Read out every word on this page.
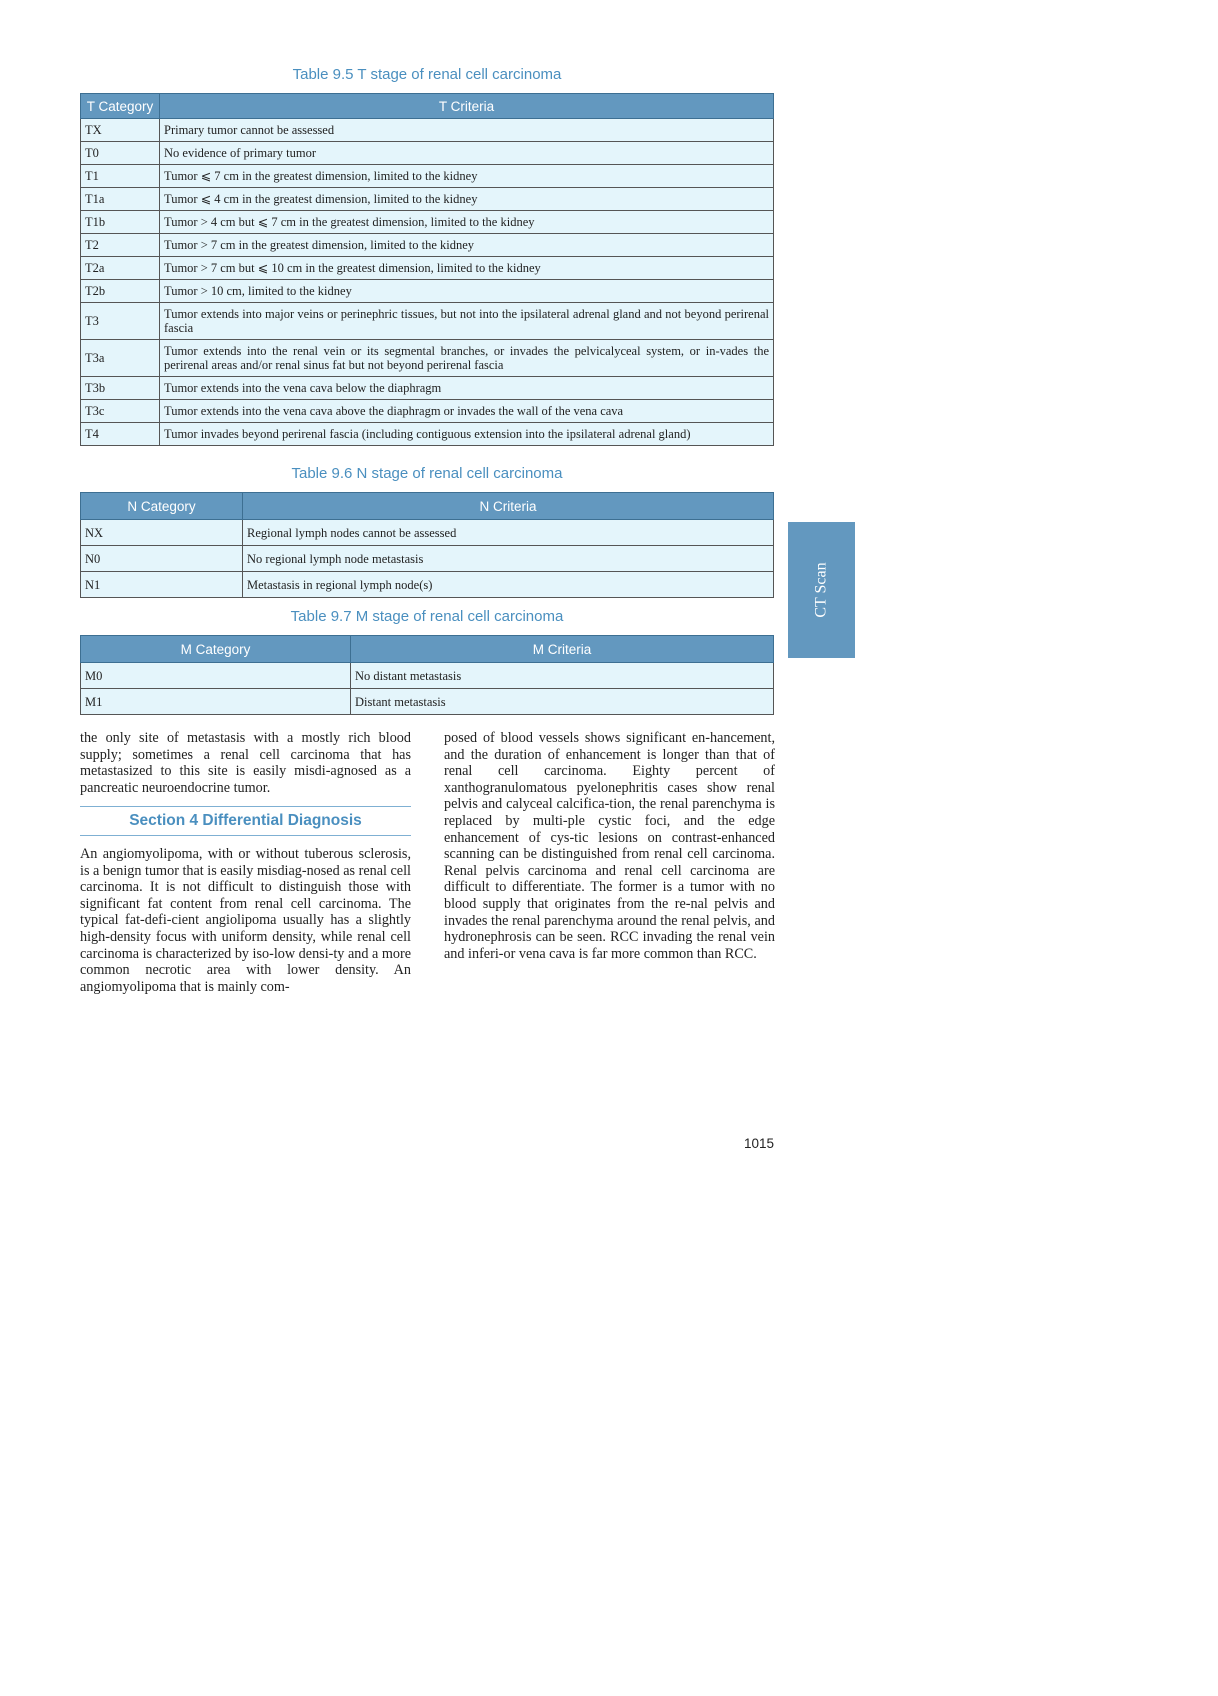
Table 9.5 T stage of renal cell carcinoma
T Category	T Criteria
TX	Primary tumor cannot be assessed
T0	No evidence of primary tumor
T1	Tumor ⩽ 7 cm in the greatest dimension, limited to the kidney
T1a	Tumor ⩽ 4 cm in the greatest dimension, limited to the kidney
T1b	Tumor > 4 cm but ⩽ 7 cm in the greatest dimension, limited to the kidney
T2	Tumor > 7 cm in the greatest dimension, limited to the kidney
T2a	Tumor > 7 cm but ⩽ 10 cm in the greatest dimension, limited to the kidney
T2b	Tumor > 10 cm, limited to the kidney
T3	Tumor extends into major veins or perinephric tissues, but not into the ipsilateral adrenal gland and not beyond perirenal fascia
T3a	Tumor extends into the renal vein or its segmental branches, or invades the pelvicalyceal system, or in-vades the perirenal areas and/or renal sinus fat but not beyond perirenal fascia
T3b	Tumor extends into the vena cava below the diaphragm
T3c	Tumor extends into the vena cava above the diaphragm or invades the wall of the vena cava
T4	Tumor invades beyond perirenal fascia (including contiguous extension into the ipsilateral adrenal gland)
Table 9.6 N stage of renal cell carcinoma
N Category	N Criteria
NX	Regional lymph nodes cannot be assessed
N0	No regional lymph node metastasis
N1	Metastasis in regional lymph node(s)
Table 9.7 M stage of renal cell carcinoma
M Category	M Criteria
M0	No distant metastasis
M1	Distant metastasis
CT Scan

the only site of metastasis with a mostly rich blood supply; sometimes a renal cell carcinoma that has metastasized to this site is easily misdi-agnosed as a pancreatic neuroendocrine tumor.

Section 4 Differential Diagnosis

An angiomyolipoma, with or without tuberous sclerosis, is a benign tumor that is easily misdiag-nosed as renal cell carcinoma. It is not difficult to distinguish those with significant fat content from renal cell carcinoma. The typical fat-defi-cient angiolipoma usually has a slightly high-density focus with uniform density, while renal cell carcinoma is characterized by iso-low densi-ty and a more common necrotic area with lower density. An angiomyolipoma that is mainly com-

posed of blood vessels shows significant en-hancement, and the duration of enhancement is longer than that of renal cell carcinoma. Eighty percent of xanthogranulomatous pyelonephritis cases show renal pelvis and calyceal calcifica-tion, the renal parenchyma is replaced by multi-ple cystic foci, and the edge enhancement of cys-tic lesions on contrast-enhanced scanning can be distinguished from renal cell carcinoma. Renal pelvis carcinoma and renal cell carcinoma are difficult to differentiate. The former is a tumor with no blood supply that originates from the re-nal pelvis and invades the renal parenchyma around the renal pelvis, and hydronephrosis can be seen. RCC invading the renal vein and inferi-or vena cava is far more common than RCC.

1015
